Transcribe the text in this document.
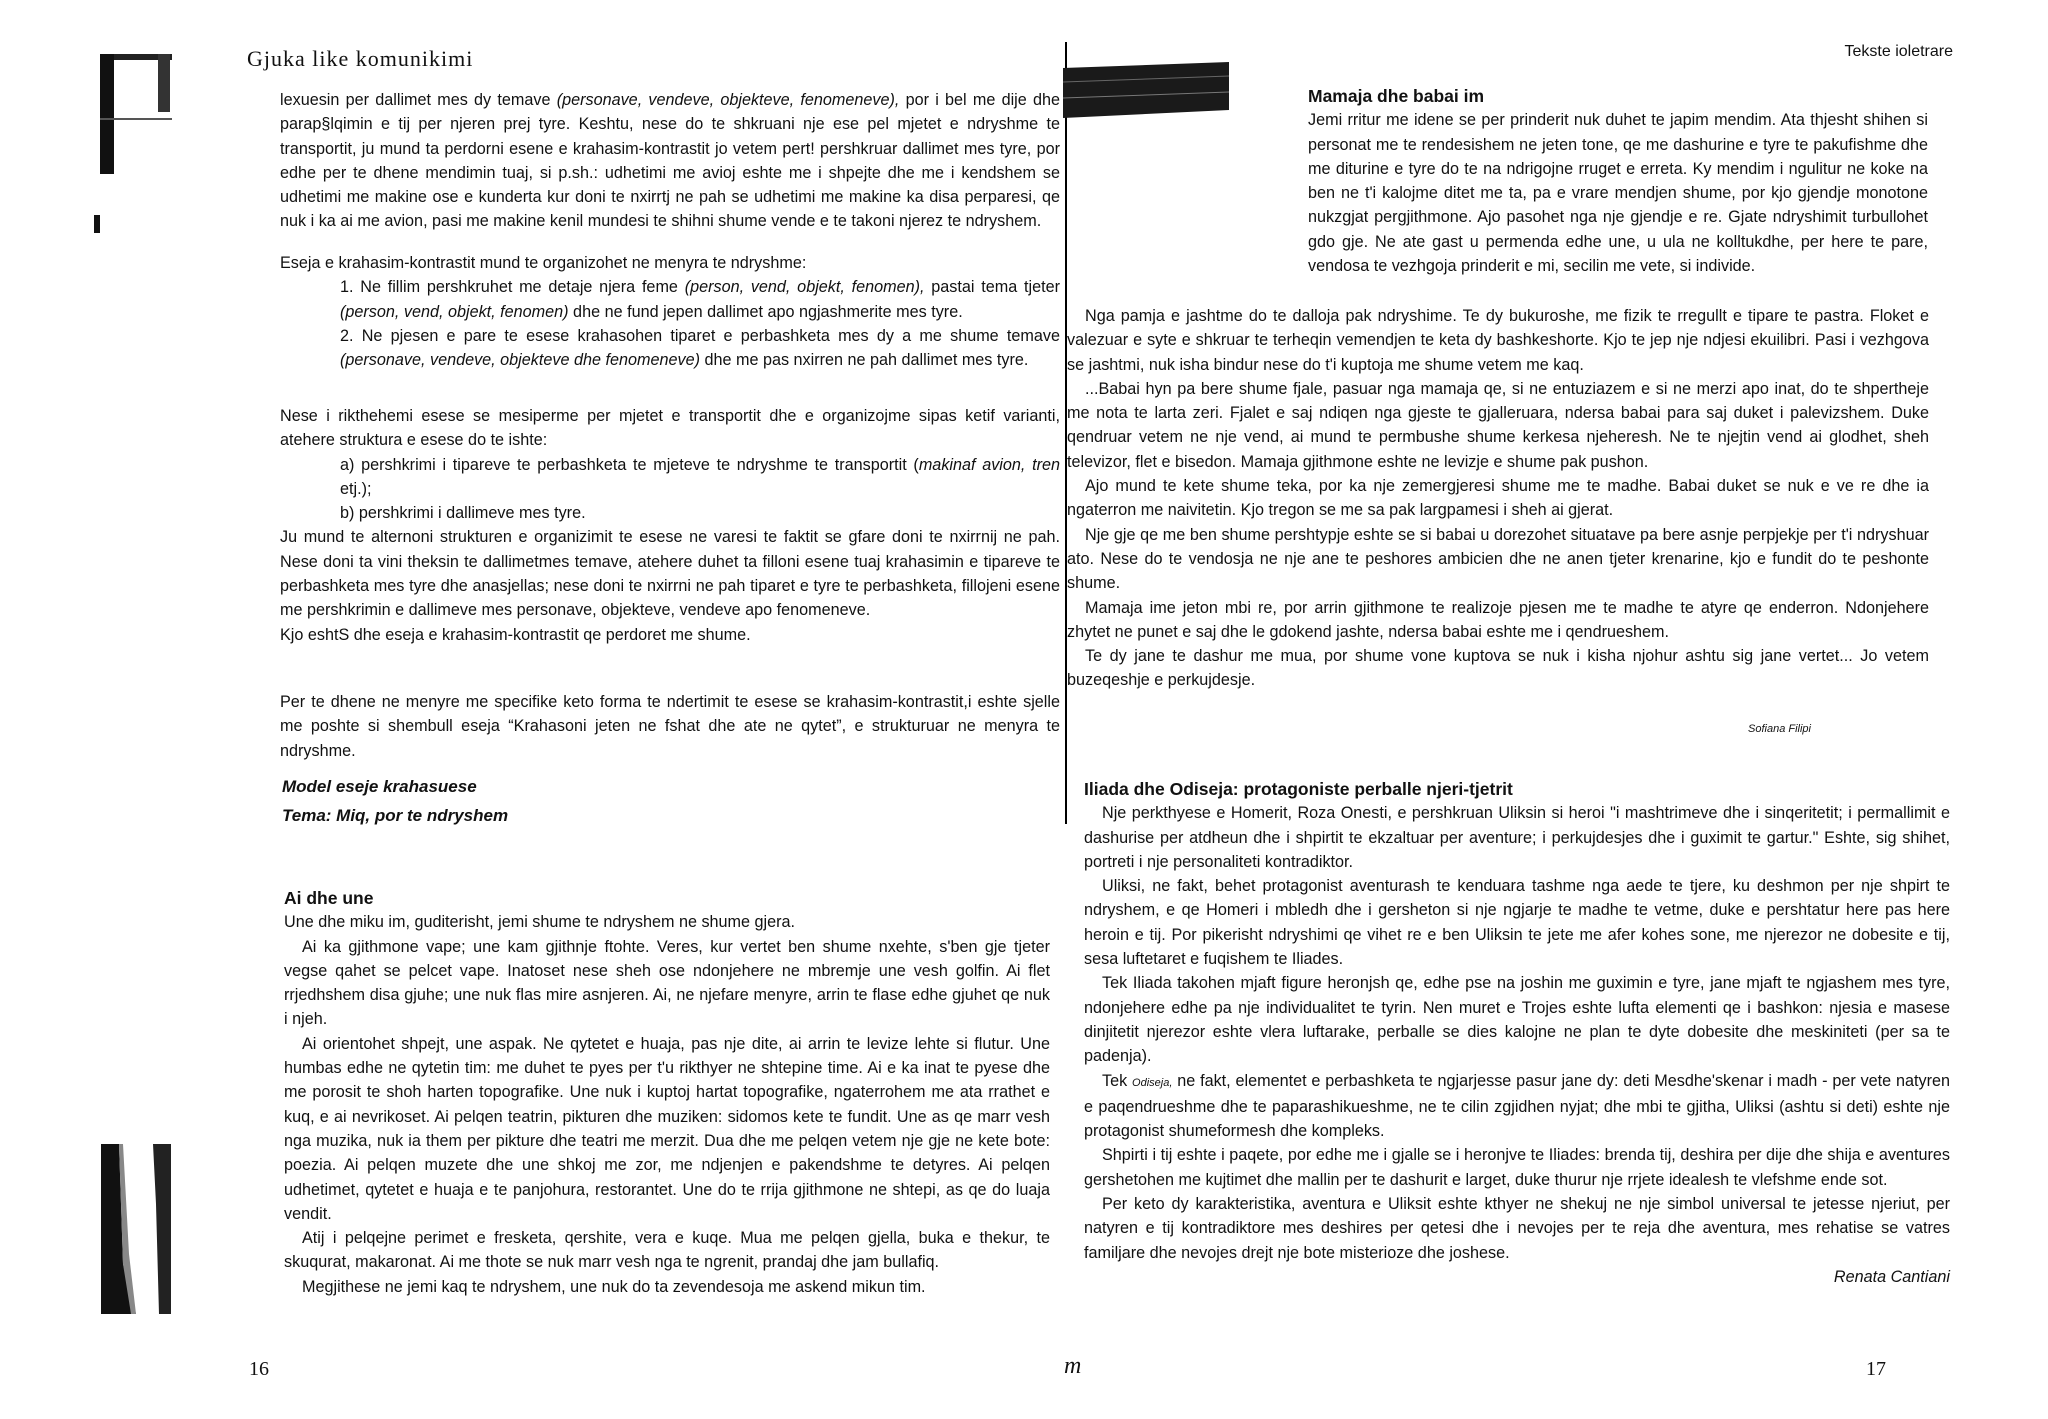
Gjuka like komunikimi

lexuesin per dallimet mes dy temave (personave, vendeve, objekteve, fenomeneve), por i bel me dije dhe parap§lqimin e tij per njeren prej tyre. Keshtu, nese do te shkruani nje ese pel mjetet e ndryshme te transportit, ju mund ta perdorni esene e krahasim-kontrastit jo vetem pert! pershkruar dallimet mes tyre, por edhe per te dhene mendimin tuaj, si p.sh.: udhetimi me avioj eshte me i shpejte dhe me i kendshem se udhetimi me makine ose e kunderta kur doni te nxirrtj ne pah se udhetimi me makine ka disa perparesi, qe nuk i ka ai me avion, pasi me makine kenil mundesi te shihni shume vende e te takoni njerez te ndryshem.

Eseja e krahasim-kontrastit mund te organizohet ne menyra te ndryshme:

1. Ne fillim pershkruhet me detaje njera feme (person, vend, objekt, fenomen), pastai tema tjeter (person, vend, objekt, fenomen) dhe ne fund jepen dallimet apo ngjashmerite mes tyre.

2. Ne pjesen e pare te esese krahasohen tiparet e perbashketa mes dy a me shume temave (personave, vendeve, objekteve dhe fenomeneve) dhe me pas nxirren ne pah dallimet mes tyre.

Nese i rikthehemi esese se mesiperme per mjetet e transportit dhe e organizojme sipas ketif varianti, atehere struktura e esese do te ishte:

a) pershkrimi i tipareve te perbashketa te mjeteve te ndryshme te transportit (makinaf avion, tren etj.);

b) pershkrimi i dallimeve mes tyre.

Ju mund te alternoni strukturen e organizimit te esese ne varesi te faktit se gfare doni te nxirrnij ne pah. Nese doni ta vini theksin te dallimetmes temave, atehere duhet ta filloni esene tuaj krahasimin e tipareve te perbashketa mes tyre dhe anasjellas; nese doni te nxirrni ne pah tiparet e tyre te perbashketa, fillojeni esene me pershkrimin e dallimeve mes personave, objekteve, vendeve apo fenomeneve.

Kjo eshtS dhe eseja e krahasim-kontrastit qe perdoret me shume.

Per te dhene ne menyre me specifike keto forma te ndertimit te esese se krahasim-kontrastit,i eshte sjelle me poshte si shembull eseja “Krahasoni jeten ne fshat dhe ate ne qytet”, e strukturuar ne menyra te ndryshme.

Model eseje krahasuese
Tema: Miq, por te ndryshem
Ai dhe une

Une dhe miku im, guditerisht, jemi shume te ndryshem ne shume gjera.

Ai ka gjithmone vape; une kam gjithnje ftohte. Veres, kur vertet ben shume nxehte, s'ben gje tjeter vegse qahet se pelcet vape. Inatoset nese sheh ose ndonjehere ne mbremje une vesh golfin. Ai flet rrjedhshem disa gjuhe; une nuk flas mire asnjeren. Ai, ne njefare menyre, arrin te flase edhe gjuhet qe nuk i njeh.

Ai orientohet shpejt, une aspak. Ne qytetet e huaja, pas nje dite, ai arrin te levize lehte si flutur. Une humbas edhe ne qytetin tim: me duhet te pyes per t'u rikthyer ne shtepine time. Ai e ka inat te pyese dhe me porosit te shoh harten topografike. Une nuk i kuptoj hartat topografike, ngaterrohem me ata rrathet e kuq, e ai nevrikoset. Ai pelqen teatrin, pikturen dhe muziken: sidomos kete te fundit. Une as qe marr vesh nga muzika, nuk ia them per pikture dhe teatri me merzit. Dua dhe me pelqen vetem nje gje ne kete bote: poezia. Ai pelqen muzete dhe une shkoj me zor, me ndjenjen e pakendshme te detyres. Ai pelqen udhetimet, qytetet e huaja e te panjohura, restorantet. Une do te rrija gjithmone ne shtepi, as qe do luaja vendit.

Atij i pelqejne perimet e fresketa, qershite, vera e kuqe. Mua me pelqen gjella, buka e thekur, te skuqurat, makaronat. Ai me thote se nuk marr vesh nga te ngrenit, prandaj dhe jam bullafiq.

Megjithese ne jemi kaq te ndryshem, une nuk do ta zevendesoja me askend mikun tim.

16
Tekste ioletrare
Mamaja dhe babai im

Jemi rritur me idene se per prinderit nuk duhet te japim mendim. Ata thjesht shihen si personat me te rendesishem ne jeten tone, qe me dashurine e tyre te pakufishme dhe me diturine e tyre do te na ndrigojne rruget e erreta. Ky mendim i ngulitur ne koke na ben ne t'i kalojme ditet me ta, pa e vrare mendjen shume, por kjo gjendje monotone nukzgjat pergjithmone. Ajo pasohet nga nje gjendje e re. Gjate ndryshimit turbullohet gdo gje. Ne ate gast u permenda edhe une, u ula ne kolltukdhe, per here te pare, vendosa te vezhgoja prinderit e mi, secilin me vete, si individe.

Nga pamja e jashtme do te dalloja pak ndryshime. Te dy bukuroshe, me fizik te rregullt e tipare te pastra. Floket e valezuar e syte e shkruar te terheqin vemendjen te keta dy bashkeshorte. Kjo te jep nje ndjesi ekuilibri. Pasi i vezhgova se jashtmi, nuk isha bindur nese do t'i kuptoja me shume vetem me kaq.

...Babai hyn pa bere shume fjale, pasuar nga mamaja qe, si ne entuziazem e si ne merzi apo inat, do te shpertheje me nota te larta zeri. Fjalet e saj ndiqen nga gjeste te gjalleruara, ndersa babai para saj duket i palevizshem. Duke qendruar vetem ne nje vend, ai mund te permbushe shume kerkesa njeheresh. Ne te njejtin vend ai glodhet, sheh televizor, flet e bisedon. Mamaja gjithmone eshte ne levizje e shume pak pushon.

Ajo mund te kete shume teka, por ka nje zemergjeresi shume me te madhe. Babai duket se nuk e ve re dhe ia ngaterron me naivitetin. Kjo tregon se me sa pak largpamesi i sheh ai gjerat.

Nje gje qe me ben shume pershtypje eshte se si babai u dorezohet situatave pa bere asnje perpjekje per t'i ndryshuar ato. Nese do te vendosja ne nje ane te peshores ambicien dhe ne anen tjeter krenarine, kjo e fundit do te peshonte shume.

Mamaja ime jeton mbi re, por arrin gjithmone te realizoje pjesen me te madhe te atyre qe enderron. Ndonjehere zhytet ne punet e saj dhe le gdokend jashte, ndersa babai eshte me i qendrueshem.

Te dy jane te dashur me mua, por shume vone kuptova se nuk i kisha njohur ashtu sig jane vertet... Jo vetem buzeqeshje e perkujdesje.

Sofiana Filipi
Iliada dhe Odiseja: protagoniste perballe njeri-tjetrit

Nje perkthyese e Homerit, Roza Onesti, e pershkruan Uliksin si heroi "i mashtrimeve dhe i sinqeritetit; i permallimit e dashurise per atdheun dhe i shpirtit te ekzaltuar per aventure; i perkujdesjes dhe i guximit te gartur." Eshte, sig shihet, portreti i nje personaliteti kontradiktor.

Uliksi, ne fakt, behet protagonist aventurash te kenduara tashme nga aede te tjere, ku deshmon per nje shpirt te ndryshem, e qe Homeri i mbledh dhe i gersheton si nje ngjarje te madhe te vetme, duke e pershtatur here pas here heroin e tij. Por pikerisht ndryshimi qe vihet re e ben Uliksin te jete me afer kohes sone, me njerezor ne dobesite e tij, sesa luftetaret e fuqishem te Iliades.

Tek Iliada takohen mjaft figure heronjsh qe, edhe pse na joshin me guximin e tyre, jane mjaft te ngjashem mes tyre, ndonjehere edhe pa nje individualitet te tyrin. Nen muret e Trojes eshte lufta elementi qe i bashkon: njesia e masese dinjitetit njerezor eshte vlera luftarake, perballe se dies kalojne ne plan te dyte dobesite dhe meskiniteti (per sa te padenja).

Tek Odiseja, ne fakt, elementet e perbashketa te ngjarjesse pasur jane dy: deti Mesdhe'skenar i madh - per vete natyren e paqendrueshme dhe te paparashikueshme, ne te cilin zgjidhen nyjat; dhe mbi te gjitha, Uliksi (ashtu si deti) eshte nje protagonist shumeformesh dhe kompleks.

Shpirti i tij eshte i paqete, por edhe me i gjalle se i heronjve te Iliades: brenda tij, deshira per dije dhe shija e aventures gershetohen me kujtimet dhe mallin per te dashurit e larget, duke thurur nje rrjete idealesh te vlefshme ende sot.

Per keto dy karakteristika, aventura e Uliksit eshte kthyer ne shekuj ne nje simbol universal te jetesse njeriut, per natyren e tij kontradiktore mes deshires per qetesi dhe i nevojes per te reja dhe aventura, mes rehatise se vatres familjare dhe nevojes drejt nje bote misterioze dhe joshese.

Renata Cantiani
17
m
